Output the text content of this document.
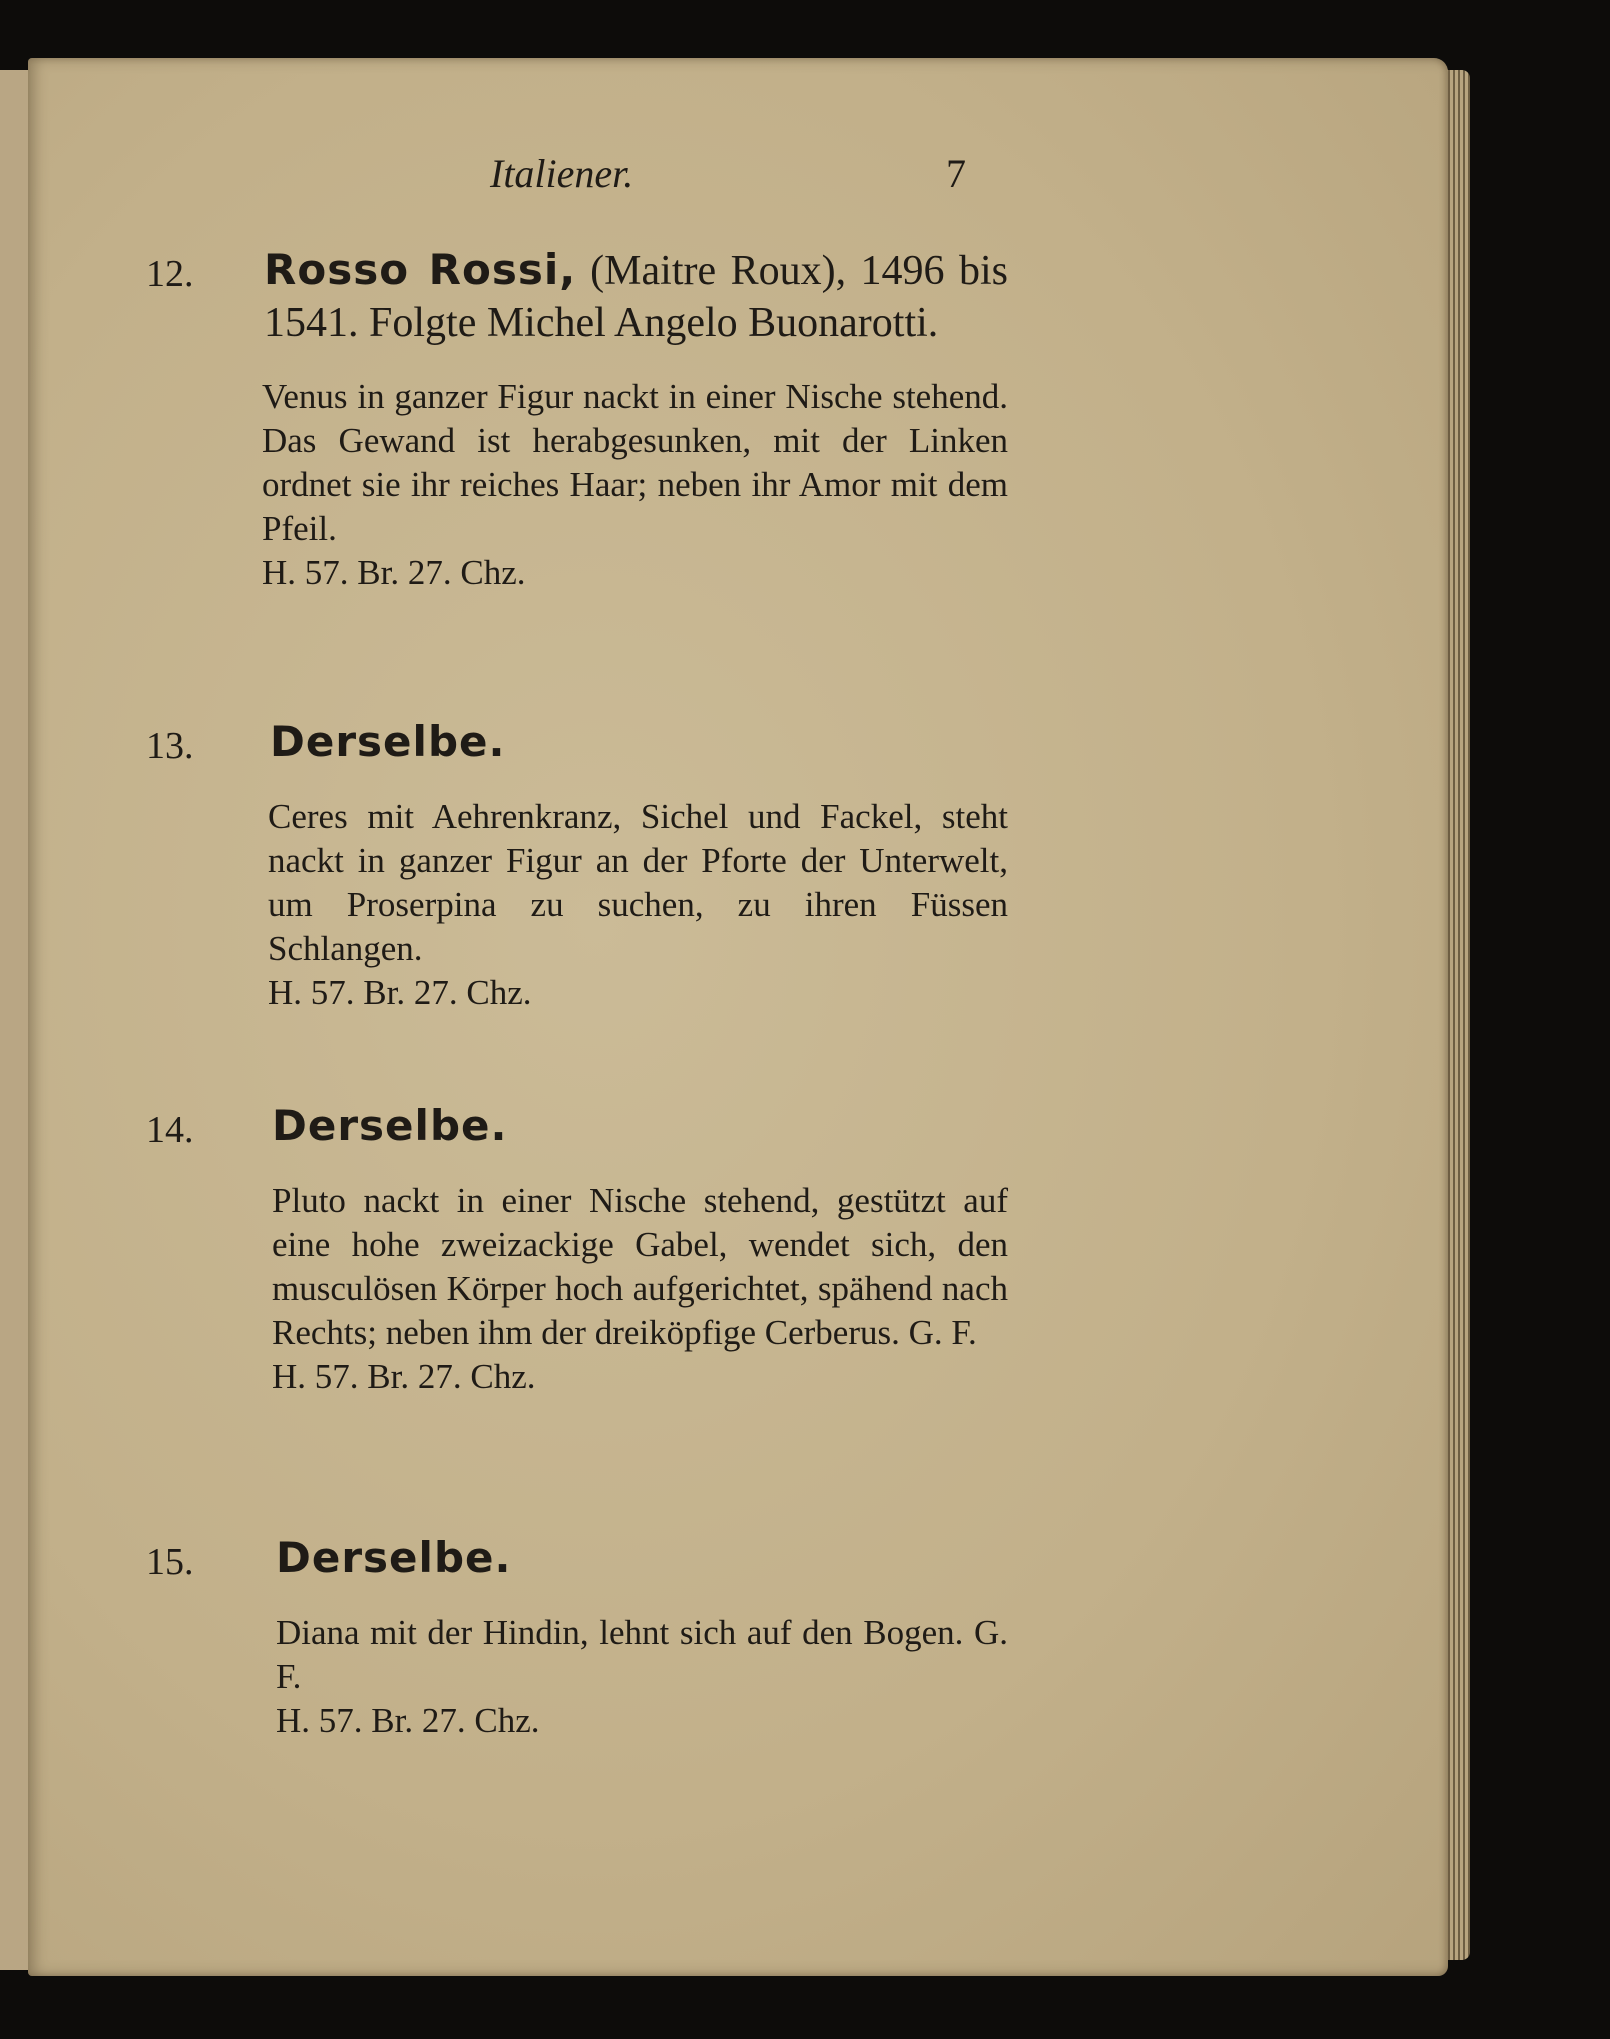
Italiener.	7
12. Rosso Rossi, (Maitre Roux), 1496 bis 1541. Folgte Michel Angelo Buonarotti.
Venus in ganzer Figur nackt in einer Nische stehend. Das Gewand ist herabgesunken, mit der Linken ordnet sie ihr reiches Haar; neben ihr Amor mit dem Pfeil.
H. 57. Br. 27. Chz.
13. Derselbe.
Ceres mit Aehrenkranz, Sichel und Fackel, steht nackt in ganzer Figur an der Pforte der Unterwelt, um Proserpina zu suchen, zu ihren Füssen Schlangen.
H. 57. Br. 27. Chz.
14. Derselbe.
Pluto nackt in einer Nische stehend, gestützt auf eine hohe zweizackige Gabel, wendet sich, den musculösen Körper hoch aufgerichtet, spähend nach Rechts; neben ihm der dreiköpfige Cerberus. G. F.
H. 57. Br. 27. Chz.
15. Derselbe.
Diana mit der Hindin, lehnt sich auf den Bogen. G. F.
H. 57. Br. 27. Chz.
